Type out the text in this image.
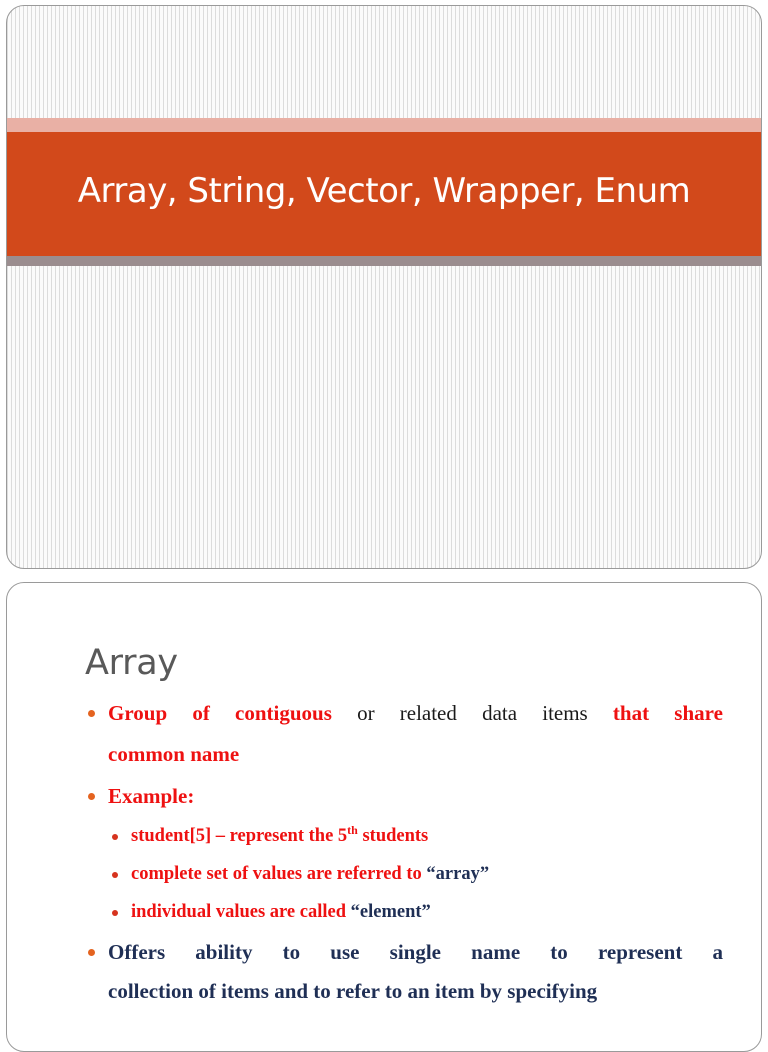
Array, String, Vector, Wrapper, Enum
Array
Group of contiguous or related data items that share
common name
Example:
student[5] – represent the 5th students
complete set of values are referred to “array”
individual values are called “element”
Offers ability to use single name to represent a
collection of items and to refer to an item by specifying
